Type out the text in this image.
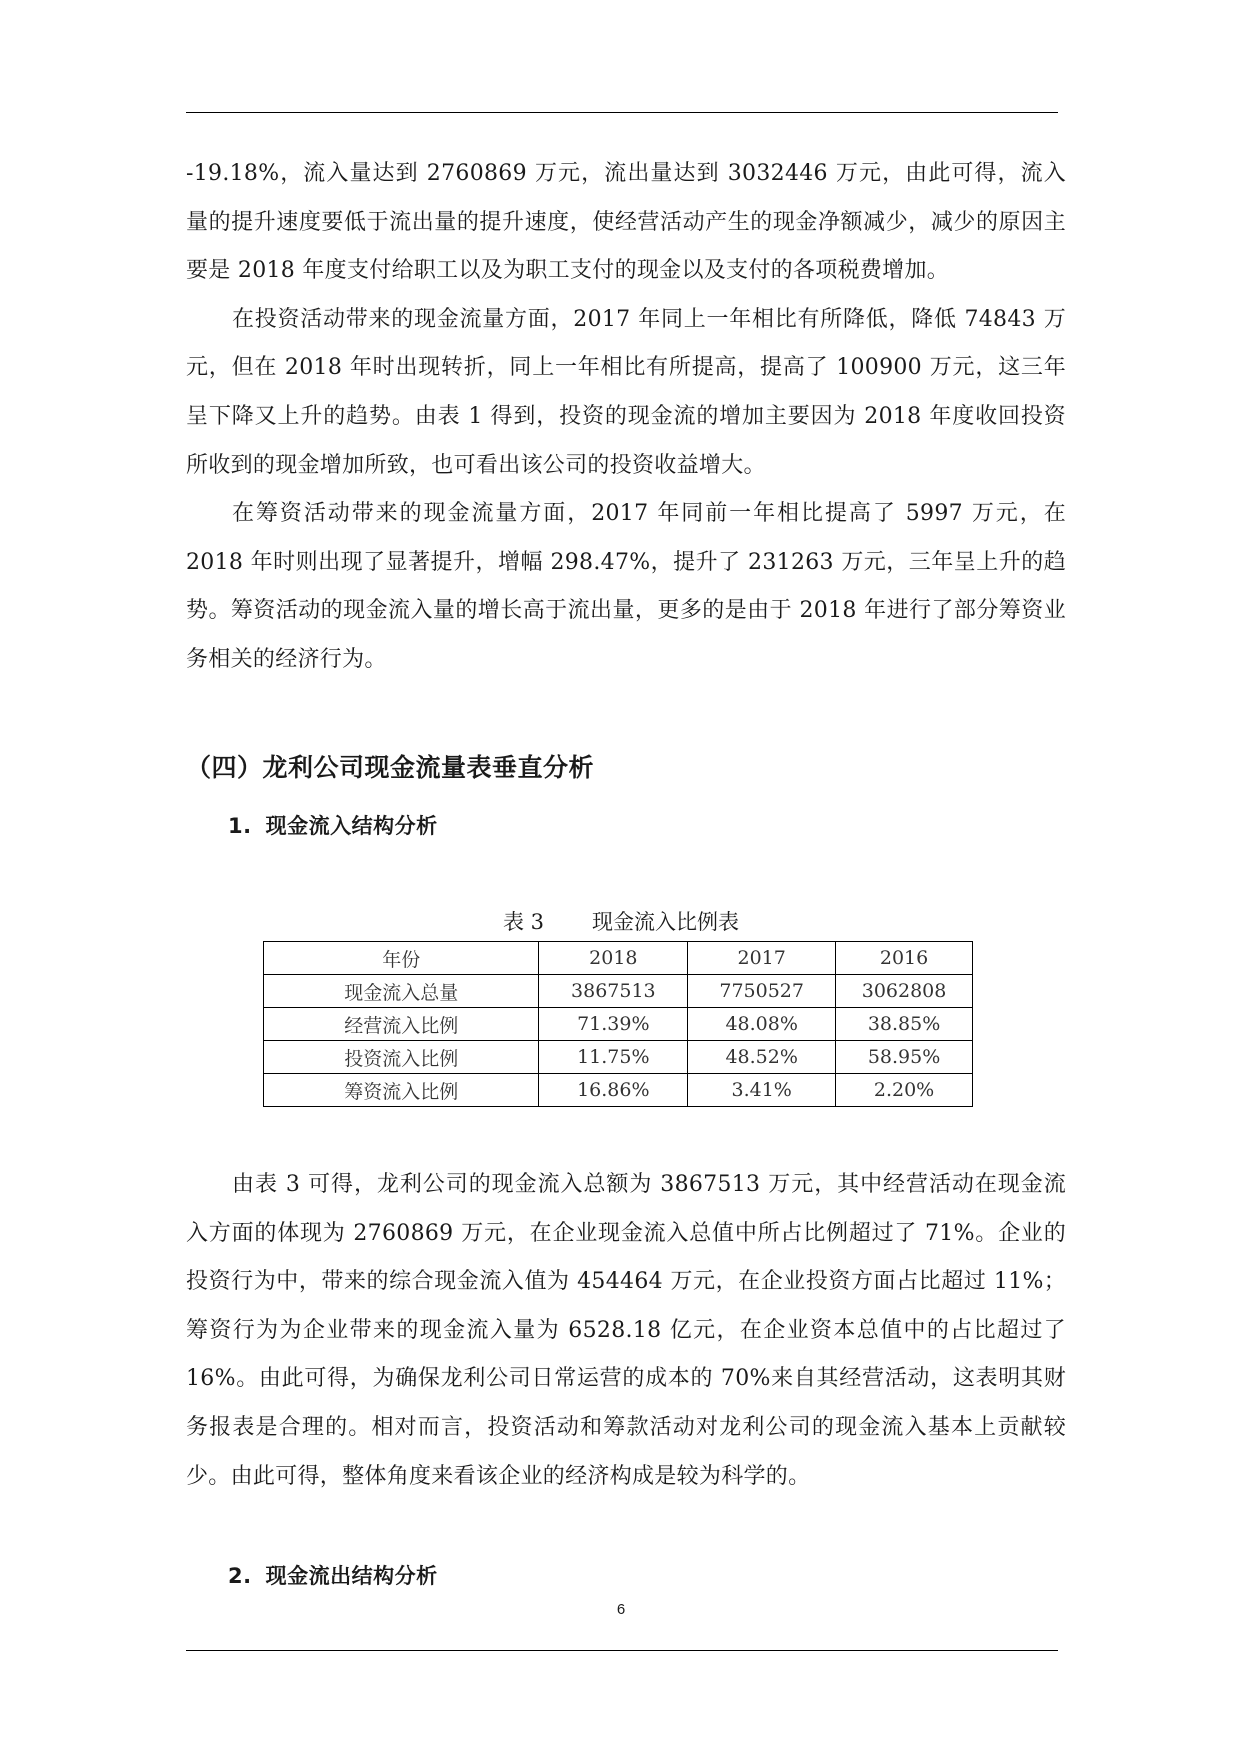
-19.18%，流入量达到 2760869 万元，流出量达到 3032446 万元，由此可得，流入量的提升速度要低于流出量的提升速度，使经营活动产生的现金净额减少，减少的原因主要是 2018 年度支付给职工以及为职工支付的现金以及支付的各项税费增加。

在投资活动带来的现金流量方面，2017 年同上一年相比有所降低，降低 74843 万元，但在 2018 年时出现转折，同上一年相比有所提高，提高了 100900 万元，这三年呈下降又上升的趋势。由表 1 得到，投资的现金流的增加主要因为 2018 年度收回投资所收到的现金增加所致，也可看出该公司的投资收益增大。

在筹资活动带来的现金流量方面，2017 年同前一年相比提高了 5997 万元，在 2018 年时则出现了显著提升，增幅 298.47%，提升了 231263 万元，三年呈上升的趋势。筹资活动的现金流入量的增长高于流出量，更多的是由于 2018 年进行了部分筹资业务相关的经济行为。

（四）龙利公司现金流量表垂直分析
1. 现金流入结构分析
表 3 现金流入比例表
年份	2018	2017	2016
现金流入总量	3867513	7750527	3062808
经营流入比例	71.39%	48.08%	38.85%
投资流入比例	11.75%	48.52%	58.95%
筹资流入比例	16.86%	3.41%	2.20%

由表 3 可得，龙利公司的现金流入总额为 3867513 万元，其中经营活动在现金流入方面的体现为 2760869 万元，在企业现金流入总值中所占比例超过了 71%。企业的投资行为中，带来的综合现金流入值为 454464 万元，在企业投资方面占比超过 11%；筹资行为为企业带来的现金流入量为 6528.18 亿元，在企业资本总值中的占比超过了 16%。由此可得，为确保龙利公司日常运营的成本的 70%来自其经营活动，这表明其财务报表是合理的。相对而言，投资活动和筹款活动对龙利公司的现金流入基本上贡献较少。由此可得，整体角度来看该企业的经济构成是较为科学的。

2. 现金流出结构分析
6
